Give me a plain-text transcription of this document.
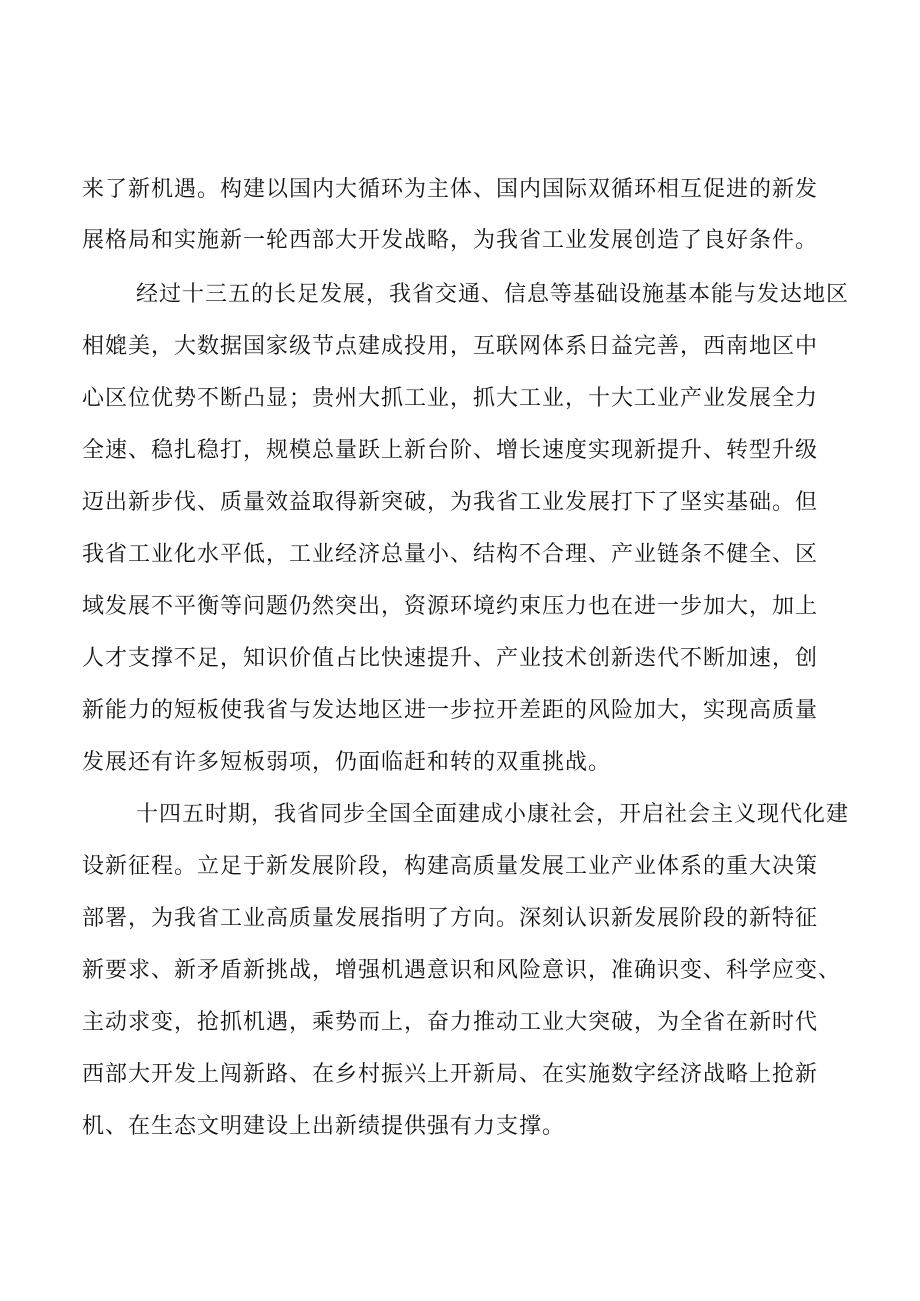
来了新机遇。构建以国内大循环为主体、国内国际双循环相互促进的新发
展格局和实施新一轮西部大开发战略，为我省工业发展创造了良好条件。
经过十三五的长足发展，我省交通、信息等基础设施基本能与发达地区
相媲美，大数据国家级节点建成投用，互联网体系日益完善，西南地区中
心区位优势不断凸显；贵州大抓工业，抓大工业，十大工业产业发展全力
全速、稳扎稳打，规模总量跃上新台阶、增长速度实现新提升、转型升级
迈出新步伐、质量效益取得新突破，为我省工业发展打下了坚实基础。但
我省工业化水平低，工业经济总量小、结构不合理、产业链条不健全、区
域发展不平衡等问题仍然突出，资源环境约束压力也在进一步加大，加上
人才支撑不足，知识价值占比快速提升、产业技术创新迭代不断加速，创
新能力的短板使我省与发达地区进一步拉开差距的风险加大，实现高质量
发展还有许多短板弱项，仍面临赶和转的双重挑战。
十四五时期，我省同步全国全面建成小康社会，开启社会主义现代化建
设新征程。立足于新发展阶段，构建高质量发展工业产业体系的重大决策
部署，为我省工业高质量发展指明了方向。深刻认识新发展阶段的新特征
新要求、新矛盾新挑战，增强机遇意识和风险意识，准确识变、科学应变、
主动求变，抢抓机遇，乘势而上，奋力推动工业大突破，为全省在新时代
西部大开发上闯新路、在乡村振兴上开新局、在实施数字经济战略上抢新
机、在生态文明建设上出新绩提供强有力支撑。
